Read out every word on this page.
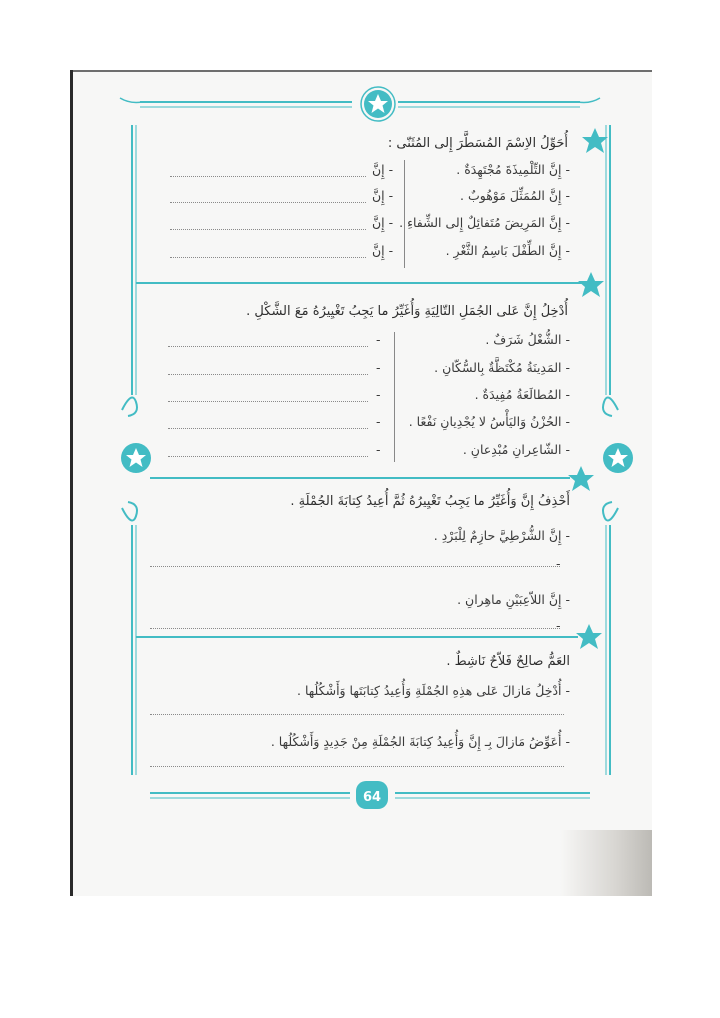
أُحَوِّلُ الاِسْمَ المُسَطَّرَ إِلى المُثَنّى :
- إِنَّ التِّلْمِيذَةَ مُجْتَهِدَةٌ .
- إِنَّ
- إِنَّ المُمَثِّلَ مَوْهُوبٌ .
- إِنَّ
- إِنَّ المَرِيضَ مُتَفائِلٌ إِلى الشِّفاءِ .
- إِنَّ
- إِنَّ الطِّفْلَ بَاسِمُ الثَّغْرِ .
- إِنَّ
أُدْخِلُ إِنَّ عَلى الجُمَلِ التّالِيَةِ وَأُغَيِّرُ ما يَجِبُ تَغْيِيرُهُ مَعَ الشَّكْلِ .
- الشُّغْلُ شَرَفٌ .
-
- المَدِينَةُ مُكْتَظَّةٌ بِالسُّكّانِ .
-
- المُطالَعَةُ مُفِيدَةٌ .
-
- الحُزْنُ وَاليَأْسُ لا يُجْدِيانِ نَفْعًا .
-
- الشّاعِرانِ مُبْدِعانِ .
-
أَحْذِفُ إِنَّ وَأُغَيِّرُ ما يَجِبُ تَغْيِيرُهُ ثُمَّ أُعِيدُ كِتابَةَ الجُمْلَةِ .
- إِنَّ الشُّرْطِيَّ حازِمٌ لِلْبَرْدِ .
-
- إِنَّ اللاّعِبَيْنِ ماهِرانِ .
-
العَمُّ صالِحٌ فَلاّحٌ نَاشِطٌ .
- أُدْخِلُ مَازالَ عَلى هذِهِ الجُمْلَةِ وَأُعِيدُ كِتابَتَها وَأَشْكُلُها .
- أُعَوِّضُ مَازالَ بِـ إِنَّ وَأُعِيدُ كِتابَةَ الجُمْلَةِ مِنْ جَدِيدٍ وَأَشْكُلُها .
64
